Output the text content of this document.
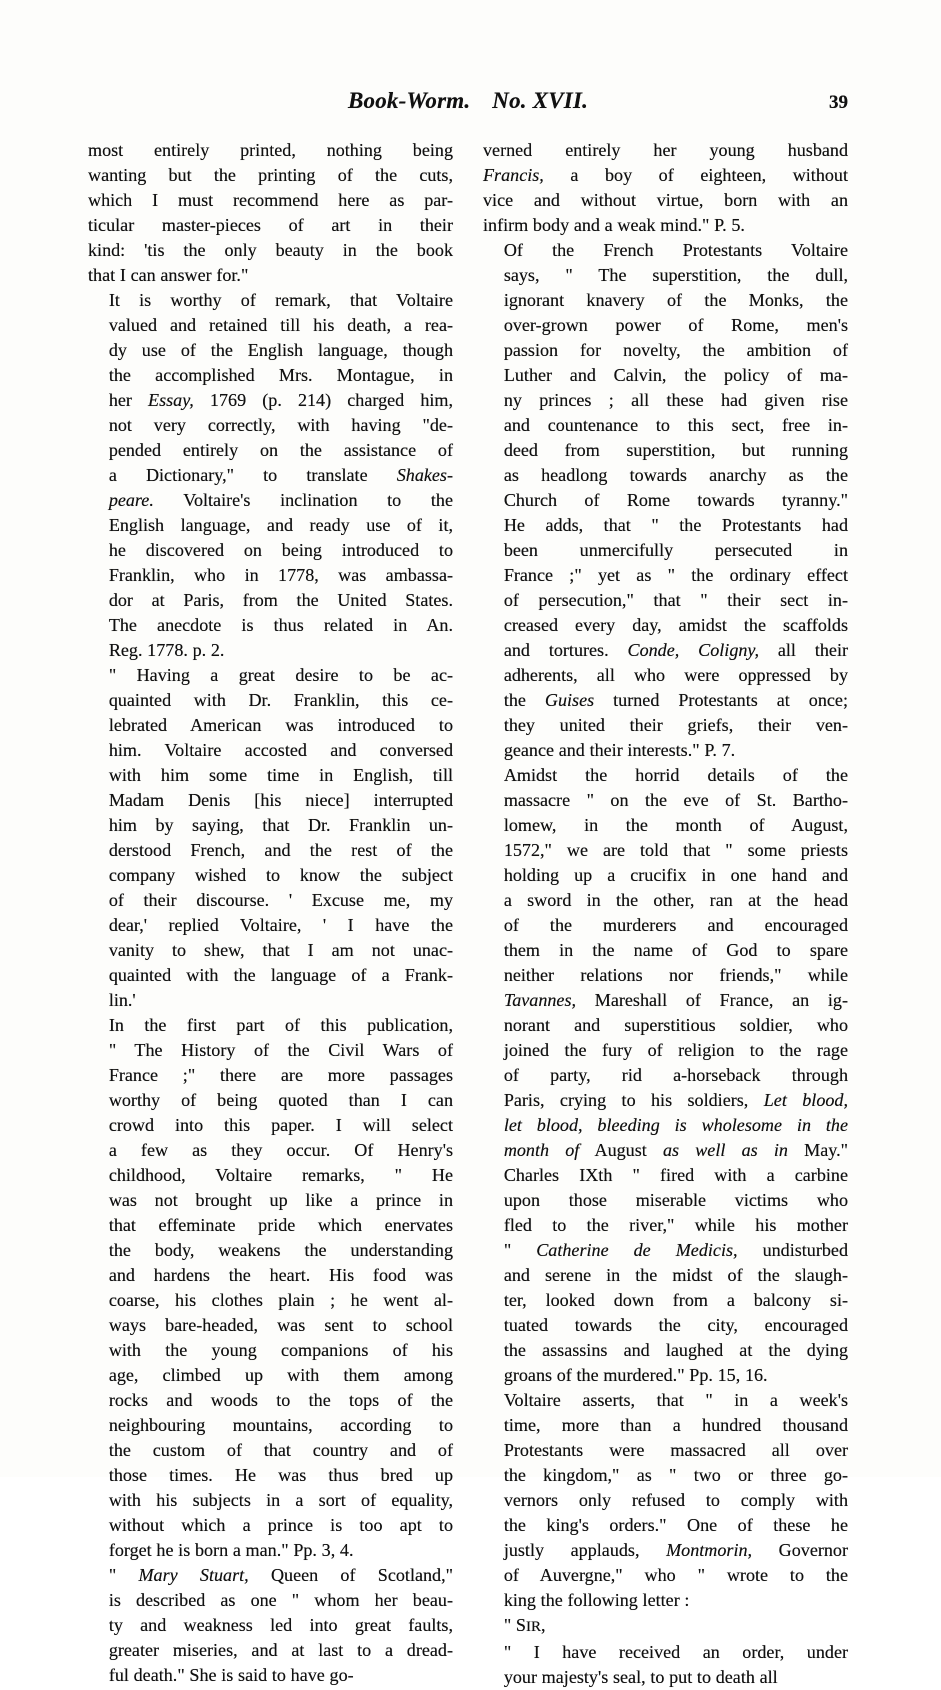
Book-Worm. No. XVII.	39

most entirely printed, nothing being
wanting but the printing of the cuts,
which I must recommend here as par-
ticular master-pieces of art in their
kind: 'tis the only beauty in the book
that I can answer for."

It is worthy of remark, that Voltaire
valued and retained till his death, a rea-
dy use of the English language, though
the accomplished Mrs. Montague, in
her Essay, 1769 (p. 214) charged him,
not very correctly, with having "de-
pended entirely on the assistance of
a Dictionary," to translate Shakes-
peare. Voltaire's inclination to the
English language, and ready use of it,
he discovered on being introduced to
Franklin, who in 1778, was ambassa-
dor at Paris, from the United States.
The anecdote is thus related in An.
Reg. 1778. p. 2.

" Having a great desire to be ac-
quainted with Dr. Franklin, this ce-
lebrated American was introduced to
him. Voltaire accosted and conversed
with him some time in English, till
Madam Denis [his niece] interrupted
him by saying, that Dr. Franklin un-
derstood French, and the rest of the
company wished to know the subject
of their discourse. ' Excuse me, my
dear,' replied Voltaire, ' I have the
vanity to shew, that I am not unac-
quainted with the language of a Frank-
lin.'

In the first part of this publication,
" The History of the Civil Wars of
France ;" there are more passages
worthy of being quoted than I can
crowd into this paper. I will select
a few as they occur. Of Henry's
childhood, Voltaire remarks, " He
was not brought up like a prince in
that effeminate pride which enervates
the body, weakens the understanding
and hardens the heart. His food was
coarse, his clothes plain ; he went al-
ways bare-headed, was sent to school
with the young companions of his
age, climbed up with them among
rocks and woods to the tops of the
neighbouring mountains, according to
the custom of that country and of
those times. He was thus bred up
with his subjects in a sort of equality,
without which a prince is too apt to
forget he is born a man." Pp. 3, 4.

" Mary Stuart, Queen of Scotland,"
is described as one " whom her beau-
ty and weakness led into great faults,
greater miseries, and at last to a dread-
ful death." She is said to have go-

verned entirely her young husband
Francis, a boy of eighteen, without
vice and without virtue, born with an
infirm body and a weak mind." P. 5.

Of the French Protestants Voltaire
says, " The superstition, the dull,
ignorant knavery of the Monks, the
over-grown power of Rome, men's
passion for novelty, the ambition of
Luther and Calvin, the policy of ma-
ny princes ; all these had given rise
and countenance to this sect, free in-
deed from superstition, but running
as headlong towards anarchy as the
Church of Rome towards tyranny."
He adds, that " the Protestants had
been unmercifully persecuted in
France ;" yet as " the ordinary effect
of persecution," that " their sect in-
creased every day, amidst the scaffolds
and tortures. Conde, Coligny, all their
adherents, all who were oppressed by
the Guises turned Protestants at once;
they united their griefs, their ven-
geance and their interests." P. 7.

Amidst the horrid details of the
massacre " on the eve of St. Bartho-
lomew, in the month of August,
1572," we are told that " some priests
holding up a crucifix in one hand and
a sword in the other, ran at the head
of the murderers and encouraged
them in the name of God to spare
neither relations nor friends," while
Tavannes, Mareshall of France, an ig-
norant and superstitious soldier, who
joined the fury of religion to the rage
of party, rid a-horseback through
Paris, crying to his soldiers, Let blood,
let blood, bleeding is wholesome in the
month of August as well as in May."
Charles IXth " fired with a carbine
upon those miserable victims who
fled to the river," while his mother
" Catherine de Medicis, undisturbed
and serene in the midst of the slaugh-
ter, looked down from a balcony si-
tuated towards the city, encouraged
the assassins and laughed at the dying
groans of the murdered." Pp. 15, 16.

Voltaire asserts, that " in a week's
time, more than a hundred thousand
Protestants were massacred all over
the kingdom," as " two or three go-
vernors only refused to comply with
the king's orders." One of these he
justly applauds, Montmorin, Governor
of Auvergne," who " wrote to the
king the following letter :

" SIR,

" I have received an order, under
your majesty's seal, to put to death all
